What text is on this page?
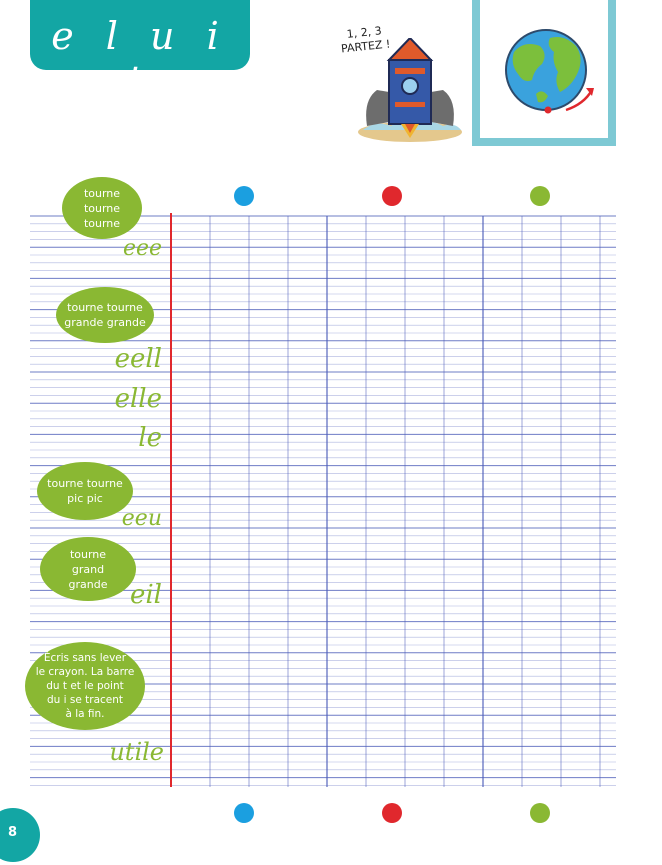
e l u i t
1, 2, 3
PARTEZ !
tourne
tourne
tourne
tourne tourne
grande grande
tourne tourne
pic pic
tourne
grand
grande
Écris sans lever
le crayon. La barre
du t et le point
du i se tracent
à la fin.
eee
eell
elle
le
eeu
eil
utile
8
